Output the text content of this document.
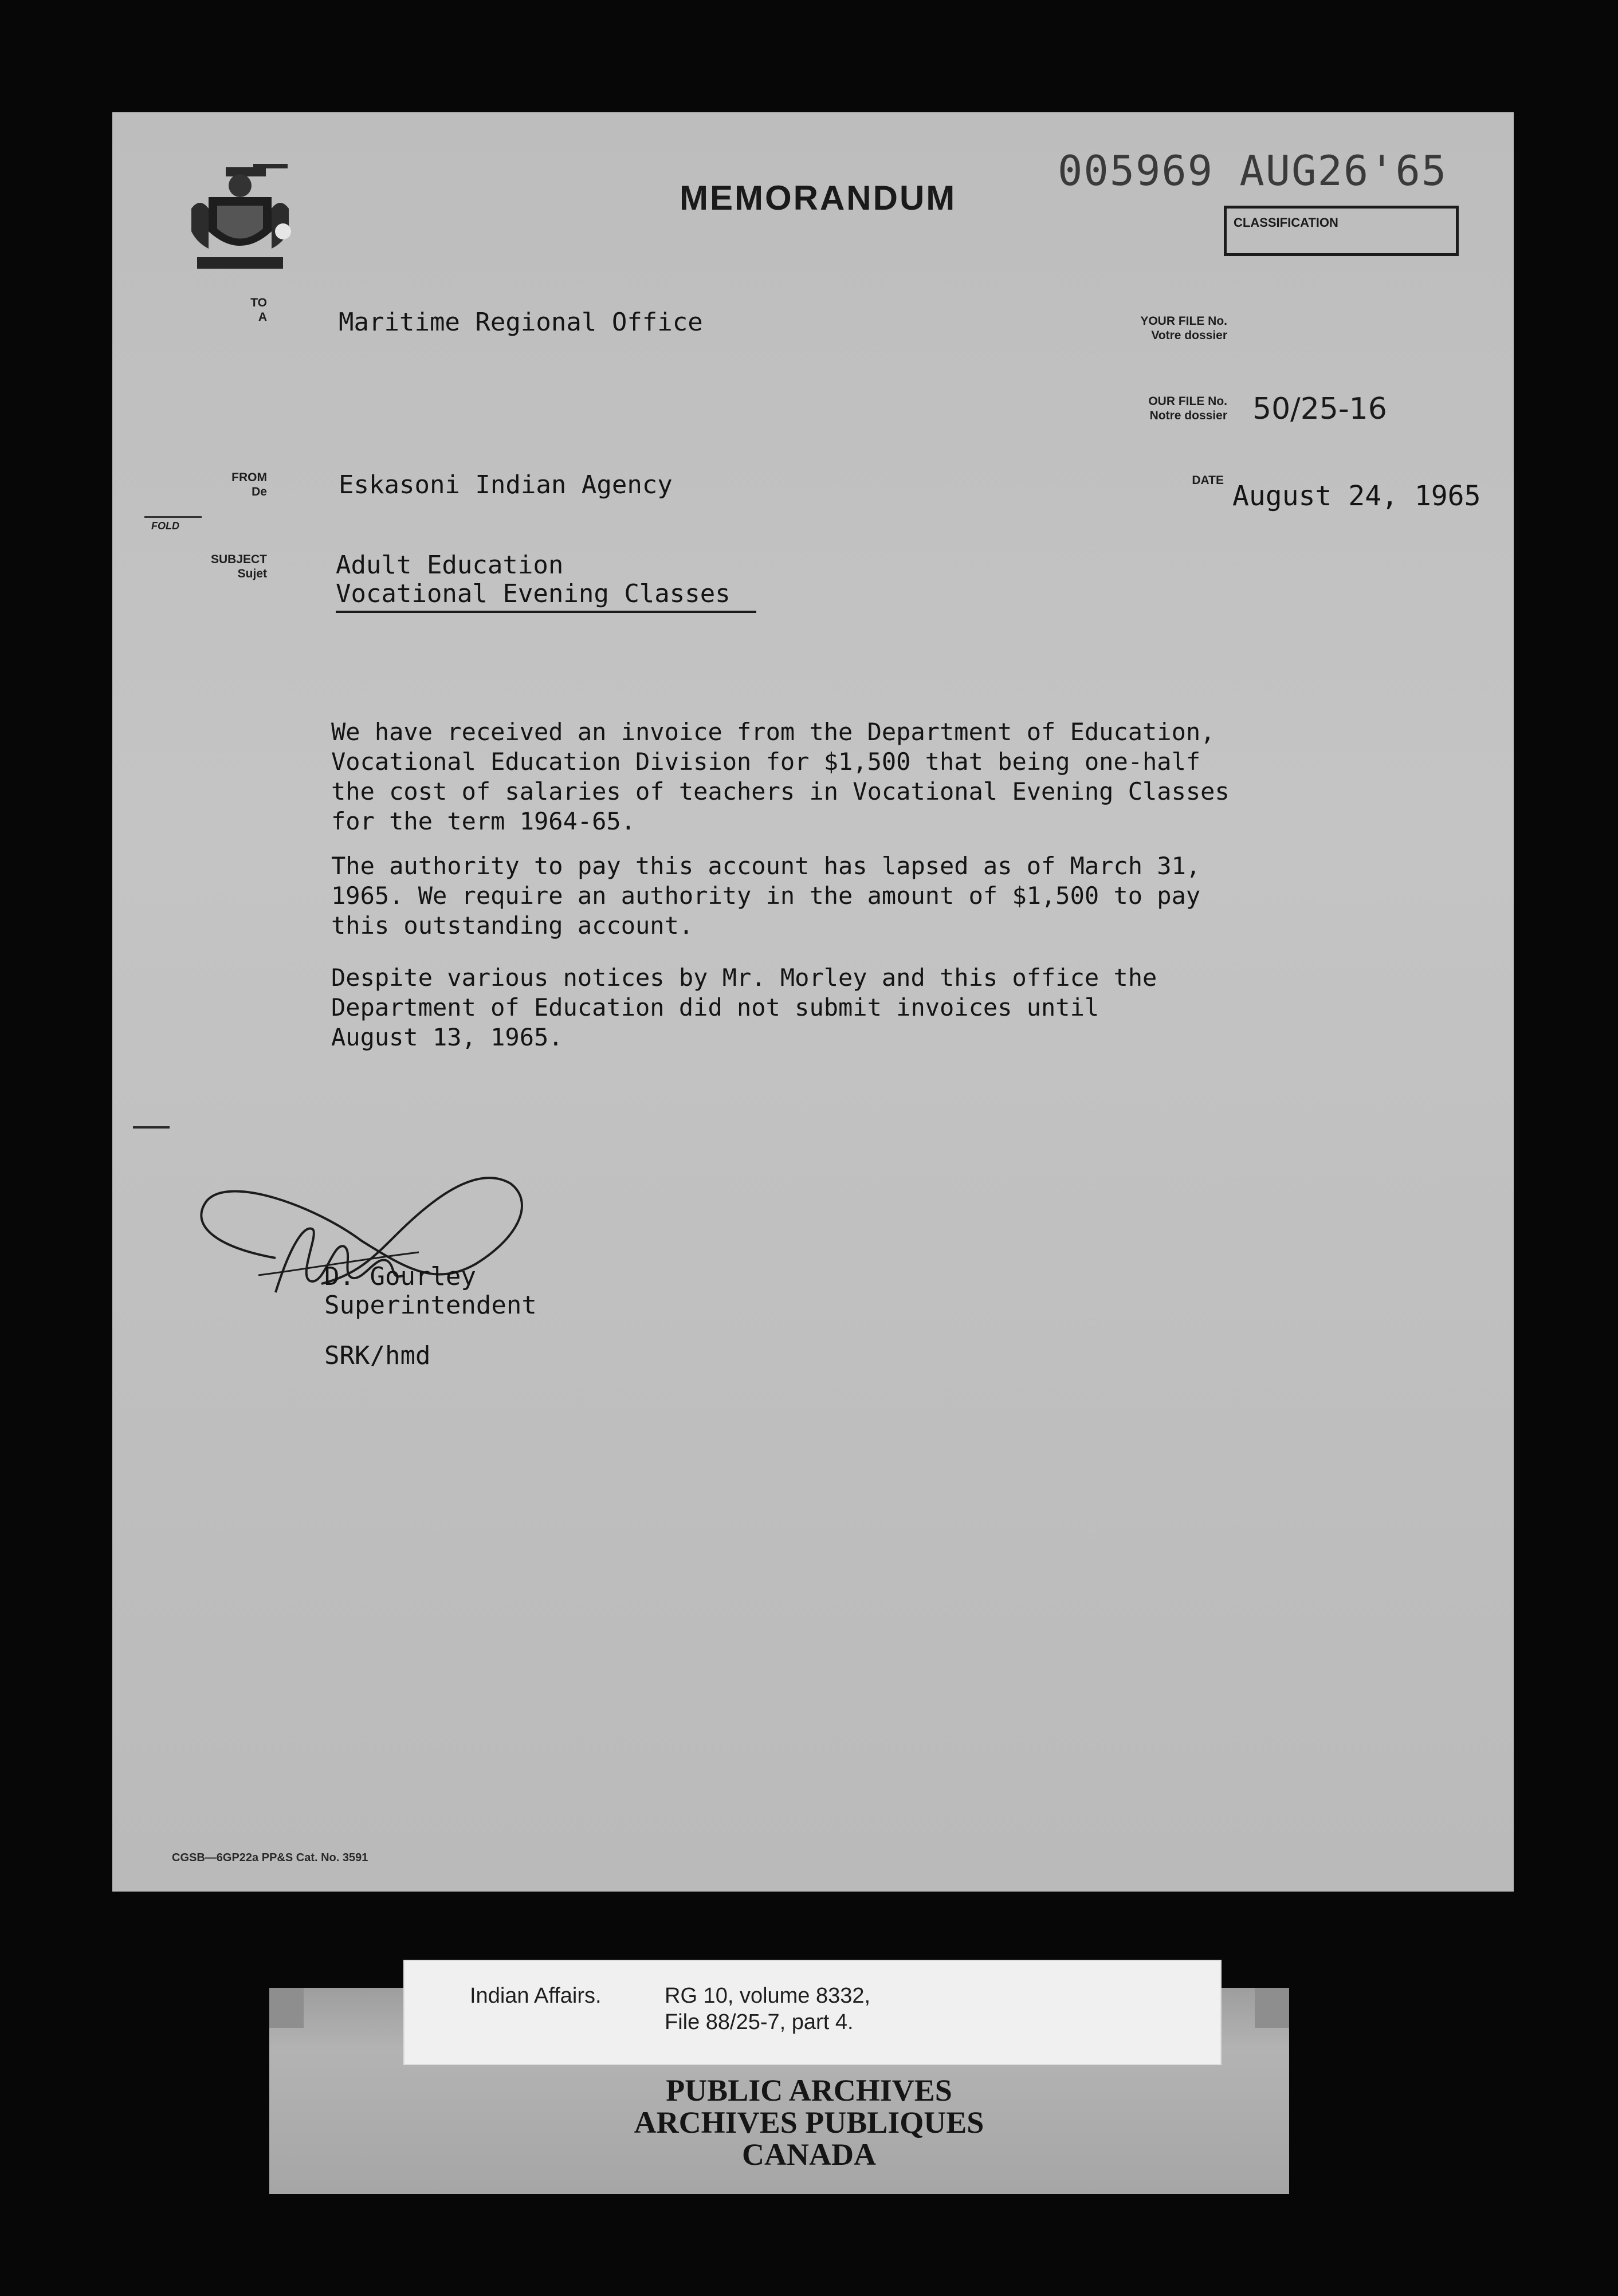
005969 AUG26'65
MEMORANDUM
CLASSIFICATION
TO
A	Maritime Regional Office	YOUR FILE No.
Votre dossier
OUR FILE No.
Notre dossier 50/25-16
FROM
De	Eskasoni Indian Agency	DATE August 24, 1965
FOLD
SUBJECT
Sujet	Adult Education
Vocational Evening Classes
We have received an invoice from the Department of Education,
Vocational Education Division for $1,500 that being one-half
the cost of salaries of teachers in Vocational Evening Classes
for the term 1964-65.
The authority to pay this account has lapsed as of March 31,
1965. We require an authority in the amount of $1,500 to pay
this outstanding account.
Despite various notices by Mr. Morley and this office the
Department of Education did not submit invoices until
August 13, 1965.
D. Gourley
Superintendent
SRK/hmd
CGSB—6GP22a PP&S Cat. No. 3591
Indian Affairs.	RG 10, volume 8332,
File 88/25-7, part 4.
PUBLIC ARCHIVES
ARCHIVES PUBLIQUES
CANADA
